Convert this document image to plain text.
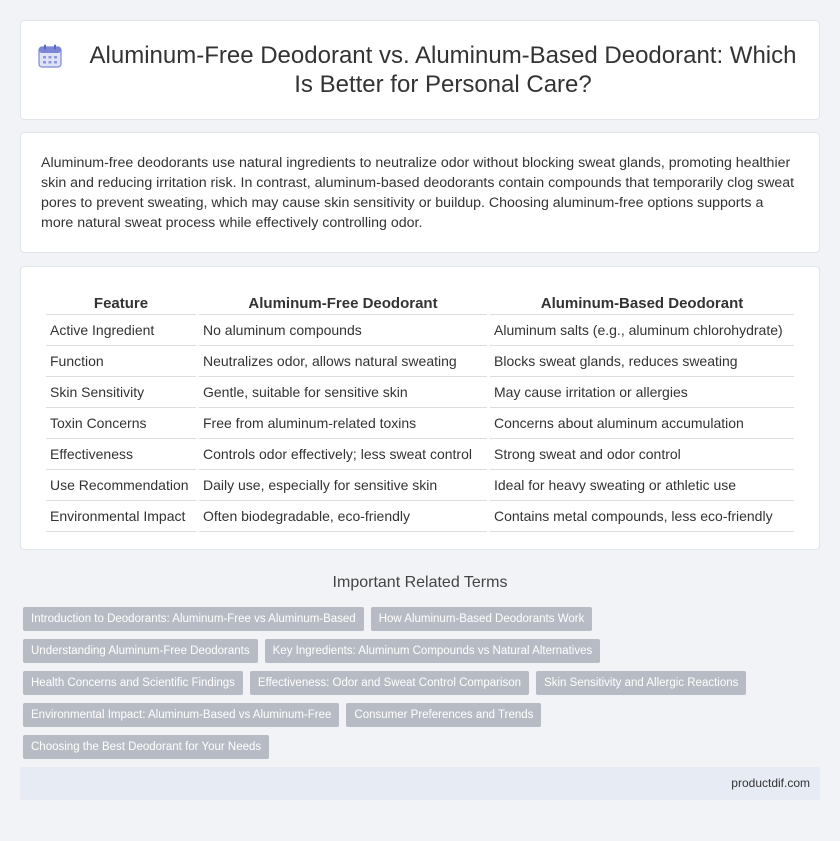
Aluminum-Free Deodorant vs. Aluminum-Based Deodorant: Which Is Better for Personal Care?

Aluminum-free deodorants use natural ingredients to neutralize odor without blocking sweat glands, promoting healthier skin and reducing irritation risk. In contrast, aluminum-based deodorants contain compounds that temporarily clog sweat pores to prevent sweating, which may cause skin sensitivity or buildup. Choosing aluminum-free options supports a more natural sweat process while effectively controlling odor.

Feature	Aluminum-Free Deodorant	Aluminum-Based Deodorant
Active Ingredient	No aluminum compounds	Aluminum salts (e.g., aluminum chlorohydrate)
Function	Neutralizes odor, allows natural sweating	Blocks sweat glands, reduces sweating
Skin Sensitivity	Gentle, suitable for sensitive skin	May cause irritation or allergies
Toxin Concerns	Free from aluminum-related toxins	Concerns about aluminum accumulation
Effectiveness	Controls odor effectively; less sweat control	Strong sweat and odor control
Use Recommendation	Daily use, especially for sensitive skin	Ideal for heavy sweating or athletic use
Environmental Impact	Often biodegradable, eco-friendly	Contains metal compounds, less eco-friendly
Important Related Terms
Introduction to Deodorants: Aluminum-Free vs Aluminum-Based	How Aluminum-Based Deodorants Work
Understanding Aluminum-Free Deodorants	Key Ingredients: Aluminum Compounds vs Natural Alternatives
Health Concerns and Scientific Findings	Effectiveness: Odor and Sweat Control Comparison	Skin Sensitivity and Allergic Reactions
Environmental Impact: Aluminum-Based vs Aluminum-Free	Consumer Preferences and Trends
Choosing the Best Deodorant for Your Needs
productdif.com
